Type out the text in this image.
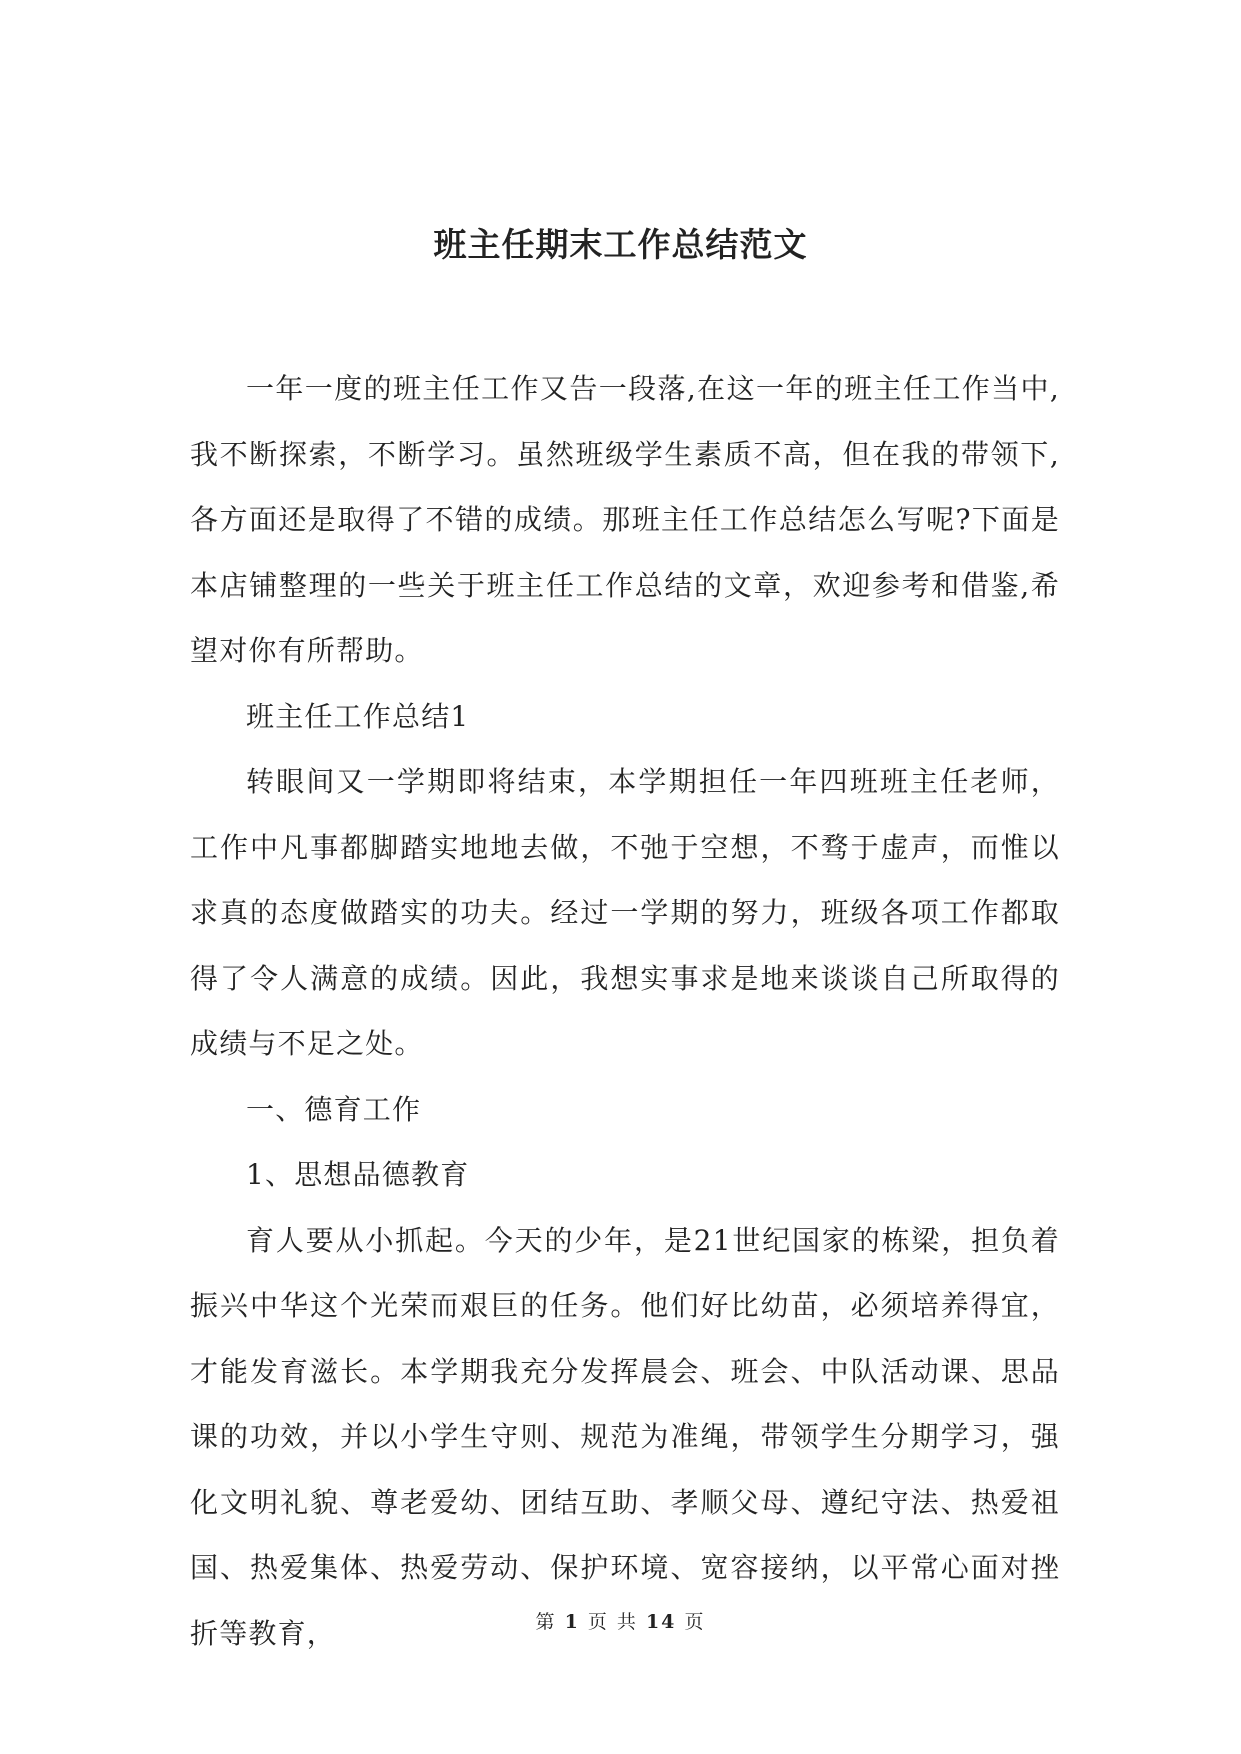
班主任期末工作总结范文

一年一度的班主任工作又告一段落,在这一年的班主任工作当中,我不断探索，不断学习。虽然班级学生素质不高，但在我的带领下,各方面还是取得了不错的成绩。那班主任工作总结怎么写呢?下面是本店铺整理的一些关于班主任工作总结的文章，欢迎参考和借鉴,希望对你有所帮助。

班主任工作总结1

转眼间又一学期即将结束，本学期担任一年四班班主任老师，工作中凡事都脚踏实地地去做，不弛于空想，不骛于虚声，而惟以求真的态度做踏实的功夫。经过一学期的努力，班级各项工作都取得了令人满意的成绩。因此，我想实事求是地来谈谈自己所取得的成绩与不足之处。

一、德育工作

1、思想品德教育

育人要从小抓起。今天的少年，是21世纪国家的栋梁，担负着振兴中华这个光荣而艰巨的任务。他们好比幼苗，必须培养得宜，才能发育滋长。本学期我充分发挥晨会、班会、中队活动课、思品课的功效，并以小学生守则、规范为准绳，带领学生分期学习，强化文明礼貌、尊老爱幼、团结互助、孝顺父母、遵纪守法、热爱祖国、热爱集体、热爱劳动、保护环境、宽容接纳，以平常心面对挫折等教育，	第 1 页 共 14 页
